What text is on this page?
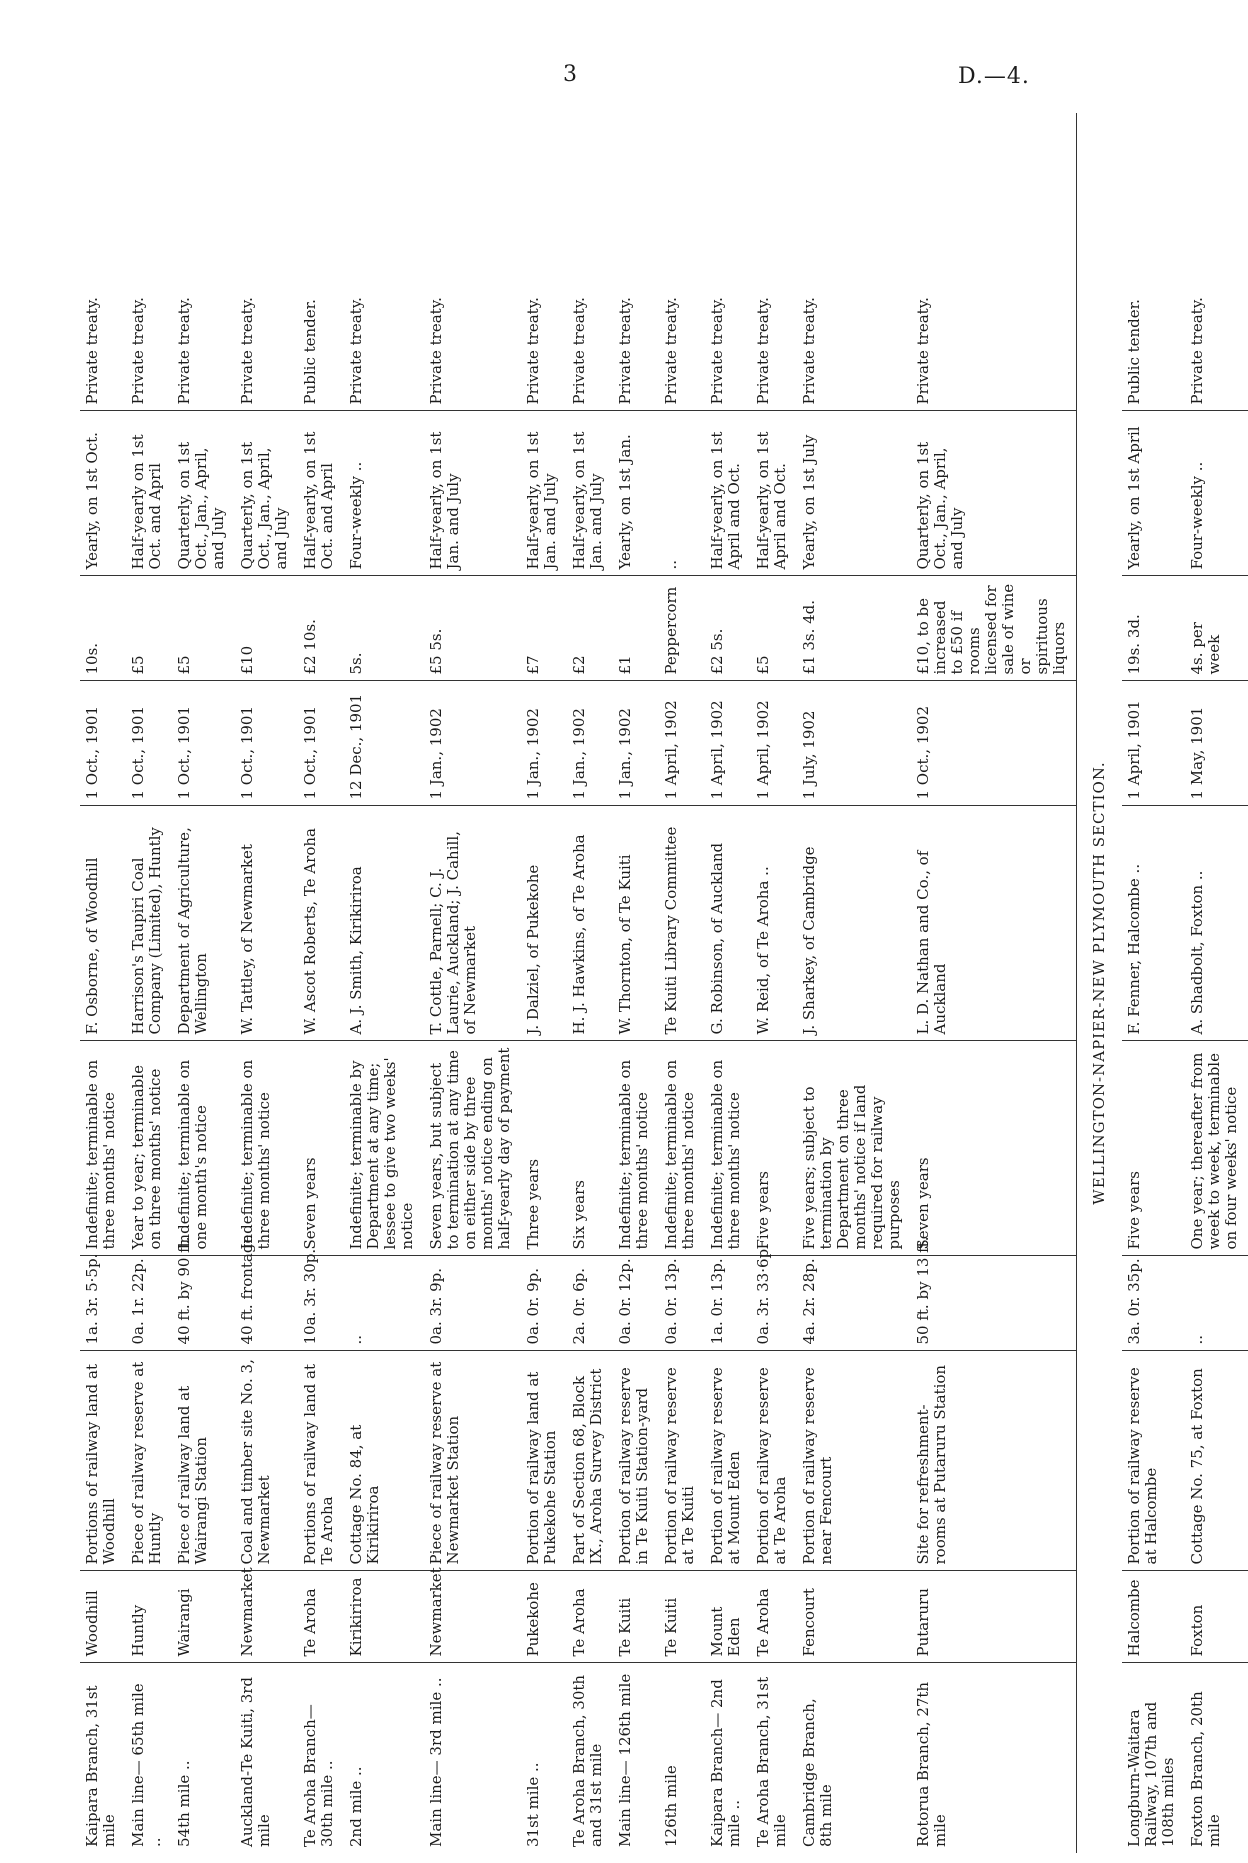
3	D.—4.
Kaipara Branch, 31st mile	Woodhill	Portions of railway land at Woodhill	1a. 3r. 5·5p.	Indefinite; terminable on three months' notice	F. Osborne, of Woodhill	1 Oct., 1901	10s.	Yearly, on 1st Oct.	Private treaty.
Main line— 65th mile ..	Huntly	Piece of railway reserve at Huntly	0a. 1r. 22p.	Year to year; terminable on three months' notice	Harrison's Taupiri Coal Company (Limited), Huntly	1 Oct., 1901	£5	Half-yearly on 1st Oct. and April	Private treaty.
54th mile ..	Wairangi	Piece of railway land at Wairangi Station	40 ft. by 90 ft.	Indefinite; terminable on one month's notice	Department of Agriculture, Wellington	1 Oct., 1901	£5	Quarterly, on 1st Oct., Jan., April, and July	Private treaty.
Auckland-Te Kuiti, 3rd mile	Newmarket	Coal and timber site No. 3, Newmarket	40 ft. frontage	Indefinite; terminable on three months' notice	W. Tattley, of Newmarket	1 Oct., 1901	£10	Quarterly, on 1st Oct., Jan., April, and July	Private treaty.
Te Aroha Branch— 30th mile ..	Te Aroha	Portions of railway land at Te Aroha	10a. 3r. 30p.	Seven years	W. Ascot Roberts, Te Aroha	1 Oct., 1901	£2 10s.	Half-yearly, on 1st Oct. and April	Public tender.
2nd mile ..	Kirikiriroa	Cottage No. 84, at Kirikiriroa	..	Indefinite; terminable by Department at any time; lessee to give two weeks' notice	A. J. Smith, Kirikiriroa	12 Dec., 1901	5s.	Four-weekly ..	Private treaty.
Main line— 3rd mile ..	Newmarket	Piece of railway reserve at Newmarket Station	0a. 3r. 9p.	Seven years, but subject to termination at any time on either side by three months' notice ending on half-yearly day of payment	T. Cottle, Parnell; C. J. Laurie, Auckland; J. Cahill, of Newmarket	1 Jan., 1902	£5 5s.	Half-yearly, on 1st Jan. and July	Private treaty.
31st mile ..	Pukekohe	Portion of railway land at Pukekohe Station	0a. 0r. 9p.	Three years	J. Dalziel, of Pukekohe	1 Jan., 1902	£7	Half-yearly, on 1st Jan. and July	Private treaty.
Te Aroha Branch, 30th and 31st mile	Te Aroha	Part of Section 68, Block IX., Aroha Survey District	2a. 0r. 6p.	Six years	H. J. Hawkins, of Te Aroha	1 Jan., 1902	£2	Half-yearly, on 1st Jan. and July	Private treaty.
Main line— 126th mile	Te Kuiti	Portion of railway reserve in Te Kuiti Station-yard	0a. 0r. 12p.	Indefinite; terminable on three months' notice	W. Thornton, of Te Kuiti	1 Jan., 1902	£1	Yearly, on 1st Jan.	Private treaty.
126th mile	Te Kuiti	Portion of railway reserve at Te Kuiti	0a. 0r. 13p.	Indefinite; terminable on three months' notice	Te Kuiti Library Committee	1 April, 1902	Peppercorn	..	Private treaty.
Kaipara Branch— 2nd mile ..	Mount Eden	Portion of railway reserve at Mount Eden	1a. 0r. 13p.	Indefinite; terminable on three months' notice	G. Robinson, of Auckland	1 April, 1902	£2 5s.	Half-yearly, on 1st April and Oct.	Private treaty.
Te Aroha Branch, 31st mile	Te Aroha	Portion of railway reserve at Te Aroha	0a. 3r. 33·6p.	Five years	W. Reid, of Te Aroha ..	1 April, 1902	£5	Half-yearly, on 1st April and Oct.	Private treaty.
Cambridge Branch, 8th mile	Fencourt	Portion of railway reserve near Fencourt	4a. 2r. 28p.	Five years; subject to termination by Department on three months' notice if land required for railway purposes	J. Sharkey, of Cambridge	1 July, 1902	£1 3s. 4d.	Yearly, on 1st July	Private treaty.
Rotorua Branch, 27th mile	Putaruru	Site for refreshment-rooms at Putaruru Station	50 ft. by 13 ft.	Seven years	L. D. Nathan and Co., of Auckland	1 Oct., 1902	£10, to be increased to £50 if rooms licensed for sale of wine or spirituous liquors	Quarterly, on 1st Oct., Jan., April, and July	Private treaty.
WELLINGTON-NAPIER-NEW PLYMOUTH SECTION.									
Longburn-Waitara Railway, 107th and 108th miles	Halcombe	Portion of railway reserve at Halcombe	3a. 0r. 35p.	Five years	F. Fenner, Halcombe ..	1 April, 1901	19s. 3d.	Yearly, on 1st April	Public tender.
Foxton Branch, 20th mile	Foxton	Cottage No. 75, at Foxton	..	One year; thereafter from week to week, terminable on four weeks' notice	A. Shadbolt, Foxton ..	1 May, 1901	4s. per week	Four-weekly ..	Private treaty.
